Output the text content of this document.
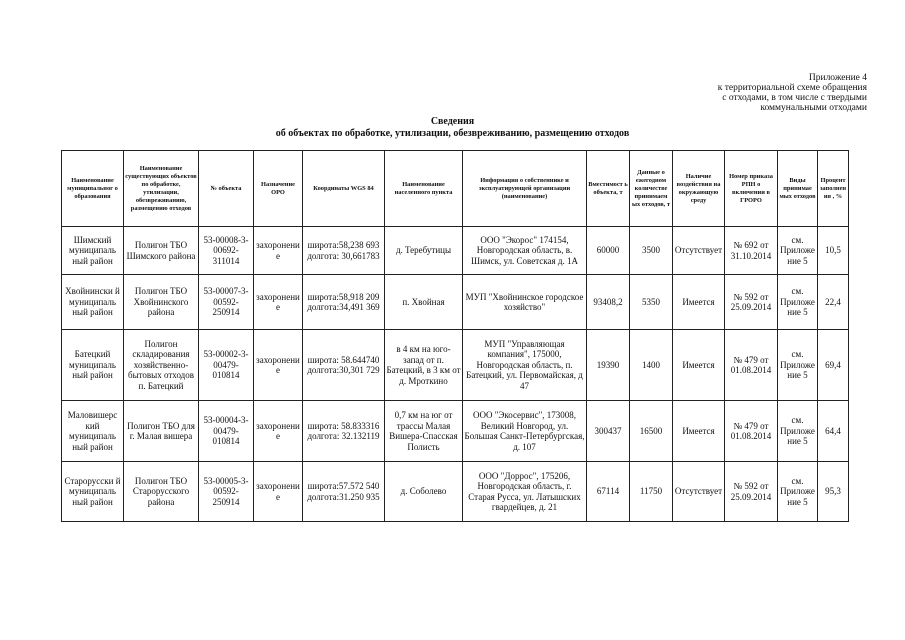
Приложение 4
к территориальной схеме обращения
с отходами, в том числе с твердыми
коммунальными отходами
Сведения
об объектах по обработке, утилизации, обезвреживанию, размещению отходов
Наименование муниципальног о образования	Наименование существующих объектов по обработке, утилизации, обезвреживанию, размещению отходов	№ объекта	Назначение ОРО	Координаты WGS 84	Наименование населенного пункта	Информация о собственнике и эксплуатирующей организации (наименование)	Вместимост ь объекта, т	Данные о ежегодном количестве принимаем ых отходов, т	Наличие воздействия на окружающую среду	Номер приказа РПН о включении в ГРОРО	Виды принимае мых отходов	Процент заполнения , %
Шимский муниципаль ный район	Полигон ТБО Шимского района	53-00008-3-00692-311014	захоронени е	широта:58,238 693 долгота: 30,661783	д. Теребутицы	ООО "Экорос" 174154, Новгородская область, в. Шимск, ул. Советская д. 1А	60000	3500	Отсутствует	№ 692 от 31.10.2014	см. Приложе ние 5	10,5
Хвойнински й муниципаль ный район	Полигон ТБО Хвойнинского района	53-00007-3-00592-250914	захоронени е	широта:58,918 209 долгота:34,491 369	п. Хвойная	МУП "Хвойнинское городское хозяйство"	93408,2	5350	Имеется	№ 592 от 25.09.2014	см. Приложе ние 5	22,4
Батецкий муниципаль ный район	Полигон складирования хозяйственно-бытовых отходов п. Батецкий	53-00002-3-00479-010814	захоронени е	широта: 58.644740 долгота:30,301 729	в 4 км на юго-запад от п. Батецкий, в 3 км от д. Мроткино	МУП "Управляющая компания", 175000, Новгородская область, п. Батецкий, ул. Первомайская, д 47	19390	1400	Имеется	№ 479 от 01.08.2014	см. Приложе ние 5	69,4
Маловишерс кий муниципаль ный район	Полигон ТБО для г. Малая вишера	53-00004-3-00479-010814	захоронени е	широта: 58.833316 долгота: 32.132119	0,7 км на юг от трассы Малая Вишера-Спасская Полисть	ООО "Экосервис", 173008, Великий Новгород, ул. Большая Санкт-Петербургская, д. 107	300437	16500	Имеется	№ 479 от 01.08.2014	см. Приложе ние 5	64,4
Старорусски й муниципаль ный район	Полигон ТБО Старорусского района	53-00005-3-00592-250914	захоронени е	широта:57.572 540 долгота:31.250 935	д. Соболево	ООО "Доррос", 175206, Новгородская область, г. Старая Русса, ул. Латышских гвардейцев, д. 21	67114	11750	Отсутствует	№ 592 от 25.09.2014	см. Приложе ние 5	95,3
